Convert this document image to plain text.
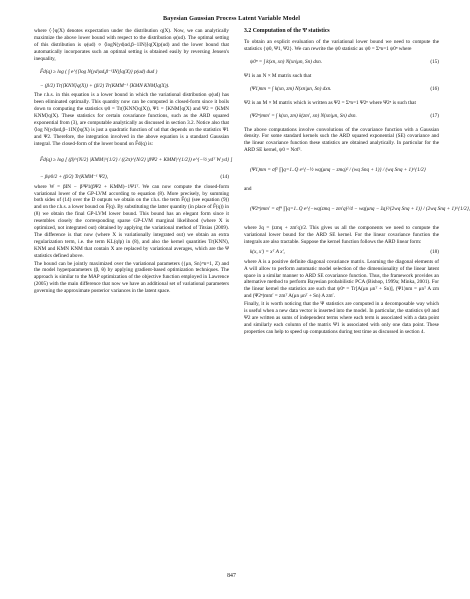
Bayesian Gaussian Process Latent Variable Model

where ⟨·⟩q(X) denotes expectation under the distribution q(X). Now, we can analytically maximize the above lower bound with respect to the distribution φ(ud). The optimal setting of this distribution is φ(ud) ∝ ⟨logN(yd|αd,β−1IN)⟩q(X)p(ud) and the lower bound that automatically incorporates such an optimal setting is obtained easily by reversing Jensen's inequality,

F̃d(q) ≥ log ( ∫ e^{⟨log N(yd|αd,β⁻¹IN)⟩q(X)} p(ud) dud )
− (β/2) Tr(⟨KNN⟩q(X)) + (β/2) Tr(KMM⁻¹ ⟨KMN KNM⟩q(X)).

The r.h.s. in this equation is a lower bound in which the variational distribution φ(ud) has been eliminated optimally. This quantity now can be computed in closed-form since it boils down to computing the statistics ψ0 = Tr(⟨KNN⟩q(X)), Ψ1 = ⟨KNM⟩q(X) and Ψ2 = ⟨KMN KNM⟩q(X). These statistics for certain covariance functions, such as the ARD squared exponential from (3), are computable analytically as discussed in section 3.2. Notice also that ⟨log N(yd|αd,β−1IN)⟩q(X) is just a quadratic function of ud that depends on the statistics Ψ1 and Ψ2. Therefore, the integration involved in the above equation is a standard Gaussian integral. The closed-form of the lower bound on F̃d(q) is:

F̃d(q) ≥ log [ (β)^{N/2} |KMM|^{1/2} / ((2π)^{N/2} |βΨ2 + KMM|^{1/2}) e^{−½ ydᵀ W yd} ]
− βψ0/2 + (β/2) Tr(KMM⁻¹ Ψ2),	(14)

where W = βIN − β²Ψ1(βΨ2 + KMM)−1Ψ1ᵀ. We can now compute the closed-form variational lower of the GP-LVM according to equation (8). More precisely, by summing both sides of (14) over the D outputs we obtain on the r.h.s. the term F̃(q) (see equation (9)) and on the r.h.s. a lower bound on F̃(q). By substituting the latter quantity (in place of F̃(q)) in (8) we obtain the final GP-LVM lower bound. This bound has an elegant form since it resembles closely the corresponding sparse GP-LVM marginal likelihood (where X is optimized, not integrated out) obtained by applying the variational method of Titsias (2009). The difference is that now (where X is variationally integrated out) we obtain an extra regularization term, i.e. the term KL(q‖p) in (8), and also the kernel quantities Tr(KNN), KNM and KMN KNM that contain X are replaced by variational averages, which are the Ψ statistics defined above.

The bound can be jointly maximized over the variational parameters ({μn, Sn}ⁿn=1, Z) and the model hyperparameters (β, θ) by applying gradient-based optimization techniques. The approach is similar to the MAP optimization of the objective function employed in Lawrence (2005) with the main difference that now we have an additional set of variational parameters governing the approximate posterior variances in the latent space.

3.2 Computation of the Ψ statistics

To obtain an explicit evaluation of the variational lower bound we need to compute the statistics {ψ0, Ψ1, Ψ2}. We can rewrite the ψ0 statistic as ψ0 = Σⁿn=1 ψ0ⁿ where

ψ0ⁿ = ∫ k(xn, xn) N(xn|μn, Sn) dxn.	(15)

Ψ1 is an N × M matrix such that

(Ψ1)nm = ∫ k(xn, zm) N(xn|μn, Sn) dxn.	(16)

Ψ2 is an M × M matrix which is written as Ψ2 = Σⁿn=1 Ψ2ⁿ where Ψ2ⁿ is such that

(Ψ2ⁿ)mm′ = ∫ k(xn, zm) k(zm′, xn) N(xn|μn, Sn) dxn.	(17)

The above computations involve convolutions of the covariance function with a Gaussian density. For some standard kernels such the ARD squared exponential (SE) covariance and the linear covariance function these statistics are obtained analytically. In particular for the ARD SE kernel, ψ0 = Nσf².

(Ψ1)nm = σf² ∏q=1..Q e^{−½ wq(μnq − zmq)² / (wq Snq + 1)} / (wq Snq + 1)^{1/2}

and

(Ψ2ⁿ)mm′ = σf⁴ ∏q=1..Q e^{−wq(zmq − zm′q)²/4 − wq(μnq − z̄q)²/(2wq Snq + 1)} / (2wq Snq + 1)^{1/2},

where z̄q = (zmq + zm′q)/2. This gives us all the components we need to compute the variational lower bound for the ARD SE kernel. For the linear covariance function the integrals are also tractable. Suppose the kernel function follows the ARD linear form:

k(x, x′) = xᵀ A x′,	(18)

where A is a positive definite diagonal covariance matrix. Learning the diagonal elements of A will allow to perform automatic model selection of the dimensionality of the linear latent space in a similar manner to ARD SE covariance function. Thus, the framework provides an alternative method to perform Bayesian probabilistic PCA (Bishop, 1999a; Minka, 2001). For the linear kernel the statistics are such that ψ0ⁿ = Tr[A(μn μnᵀ + Sn)], (Ψ1)nm = μnᵀ A zm and (Ψ2ⁿ)mm′ = zmᵀ A(μn μnᵀ + Sn) A zm′.

Finally, it is worth noticing that the Ψ statistics are computed in a decomposable way which is useful when a new data vector is inserted into the model. In particular, the statistics ψ0 and Ψ2 are written as sums of independent terms where each term is associated with a data point and similarly each column of the matrix Ψ1 is associated with only one data point. These properties can help to speed up computations during test time as discussed in section 4.

847
